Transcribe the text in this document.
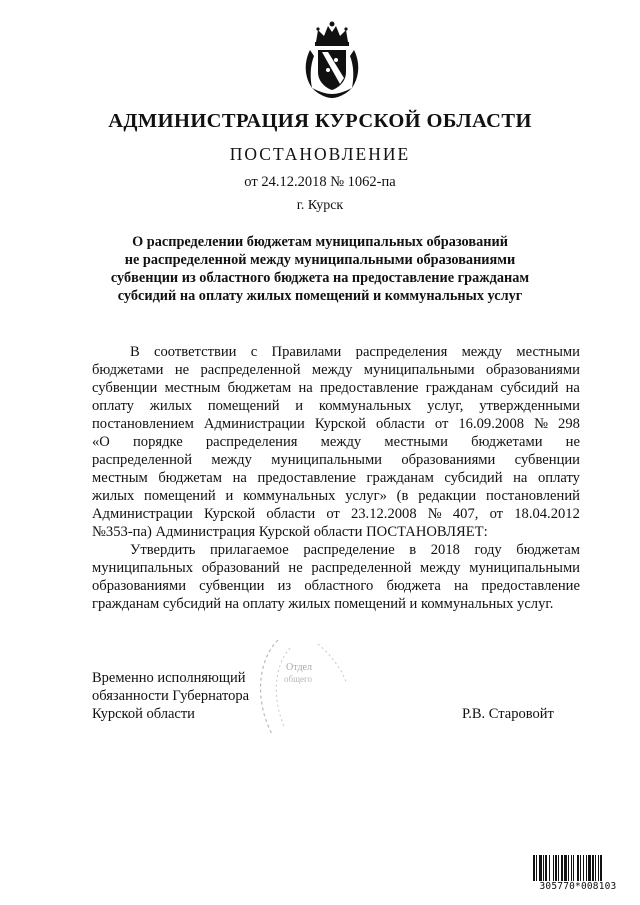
АДМИНИСТРАЦИЯ КУРСКОЙ ОБЛАСТИ
ПОСТАНОВЛЕНИЕ
от 24.12.2018 № 1062-па
г. Курск
О распределении бюджетам муниципальных образований
не распределенной между муниципальными образованиями
субвенции из областного бюджета на предоставление гражданам
субсидий на оплату жилых помещений и коммунальных услуг
В соответствии с Правилами распределения между местными
бюджетами не распределенной между муниципальными образованиями
субвенции местным бюджетам на предоставление гражданам субсидий на
оплату жилых помещений и коммунальных услуг, утвержденными
постановлением Администрации Курской области от 16.09.2008 № 298
«О порядке распределения между местными бюджетами не
распределенной между муниципальными образованиями субвенции
местным бюджетам на предоставление гражданам субсидий на оплату
жилых помещений и коммунальных услуг» (в редакции постановлений
Администрации Курской области от 23.12.2008 № 407, от 18.04.2012
№353-па) Администрация Курской области ПОСТАНОВЛЯЕТ:
Утвердить прилагаемое распределение в 2018 году бюджетам
муниципальных образований не распределенной между муниципальными
образованиями субвенции из областного бюджета на предоставление
гражданам субсидий на оплату жилых помещений и коммунальных услуг.
Отдел
общего
Временно исполняющий
обязанности Губернатора
Курской области	Р.В. Старовойт
305770*008103
